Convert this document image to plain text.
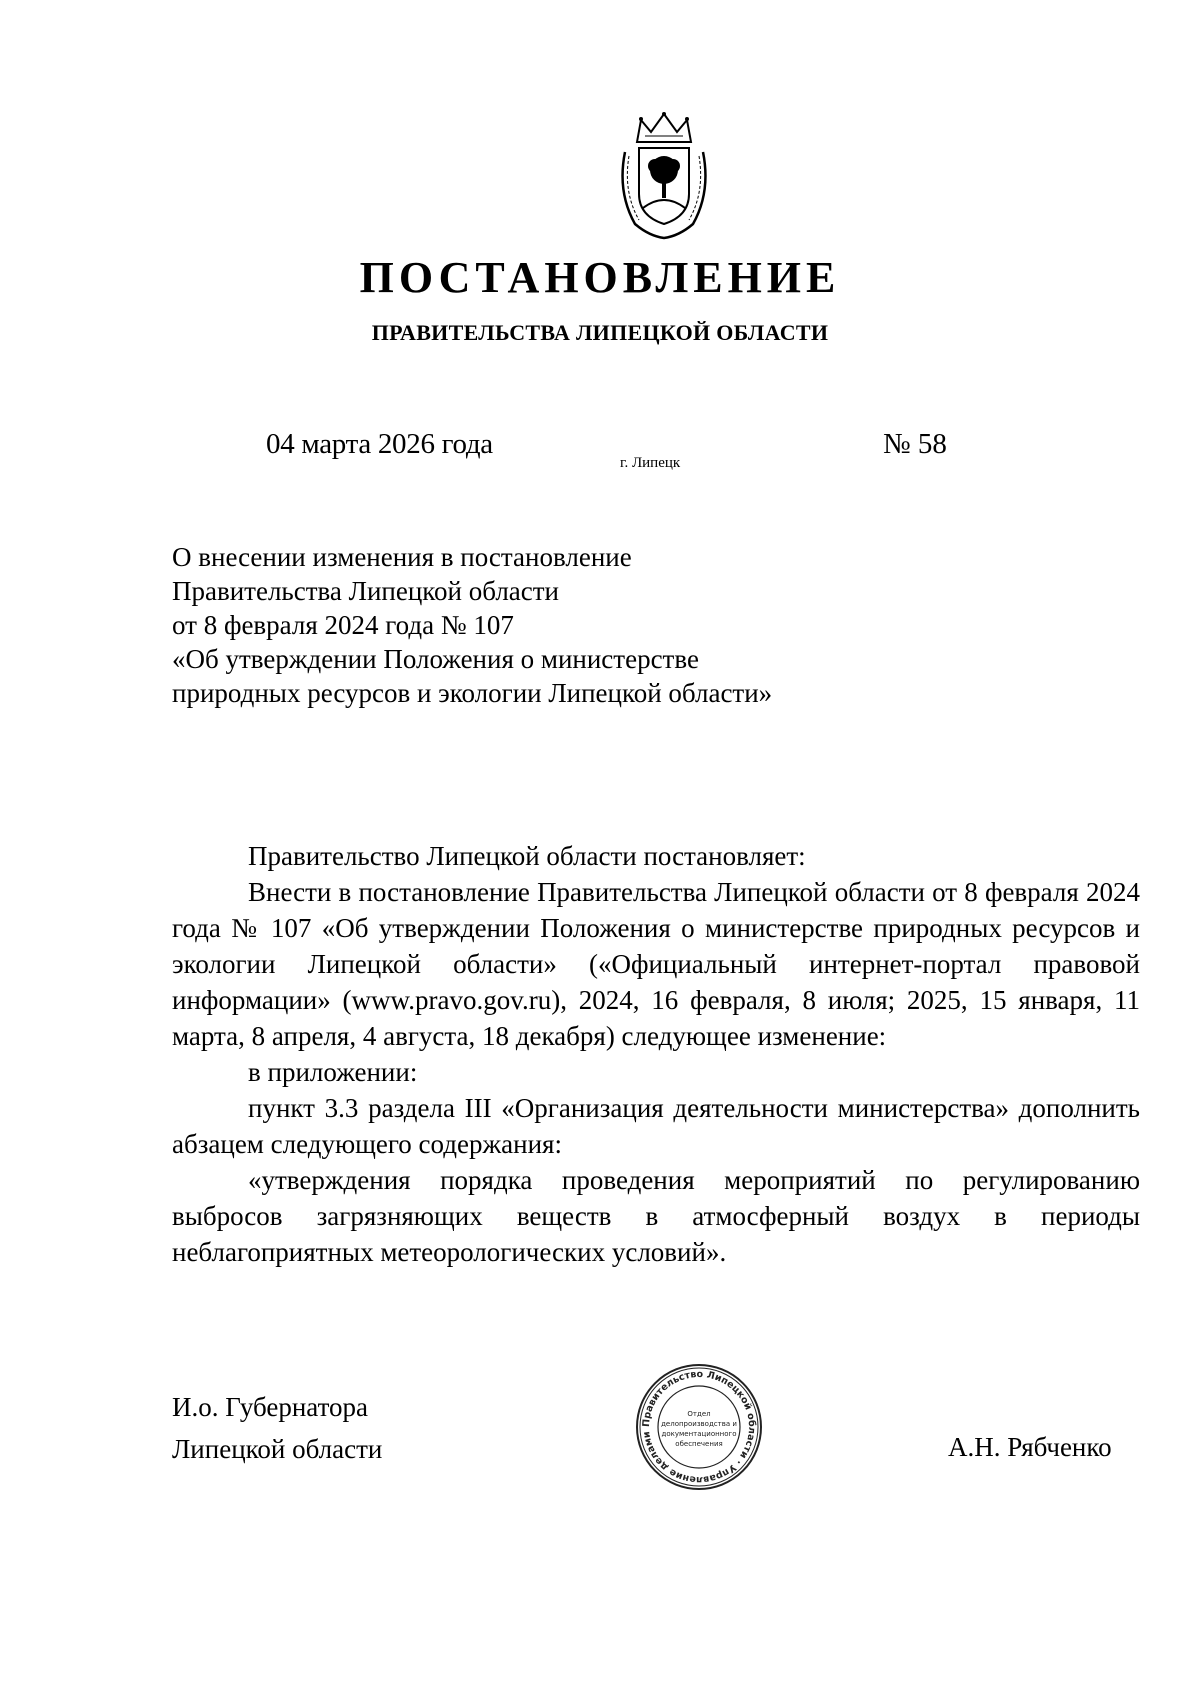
ПОСТАНОВЛЕНИЕ
ПРАВИТЕЛЬСТВА ЛИПЕЦКОЙ ОБЛАСТИ
04 марта 2026 года
г. Липецк
№ 58
О внесении изменения в постановление
Правительства Липецкой области
от 8 февраля 2024 года № 107
«Об утверждении Положения о министерстве
природных ресурсов и экологии Липецкой области»

Правительство Липецкой области постановляет:

Внести в постановление Правительства Липецкой области от 8 февраля 2024 года № 107 «Об утверждении Положения о министерстве природных ресурсов и экологии Липецкой области» («Официальный интернет-портал правовой информации» (www.pravo.gov.ru), 2024, 16 февраля, 8 июля; 2025, 15 января, 11 марта, 8 апреля, 4 августа, 18 декабря) следующее изменение:

в приложении:

пункт 3.3 раздела III «Организация деятельности министерства» дополнить абзацем следующего содержания:

«утверждения порядка проведения мероприятий по регулированию выбросов загрязняющих веществ в атмосферный воздух в периоды неблагоприятных метеорологических условий».

И.о. Губернатора
Липецкой области
Правительство Липецкой области · Управление делами
Отдел
делопроизводства и
документационного
обеспечения	А.Н. Рябченко
